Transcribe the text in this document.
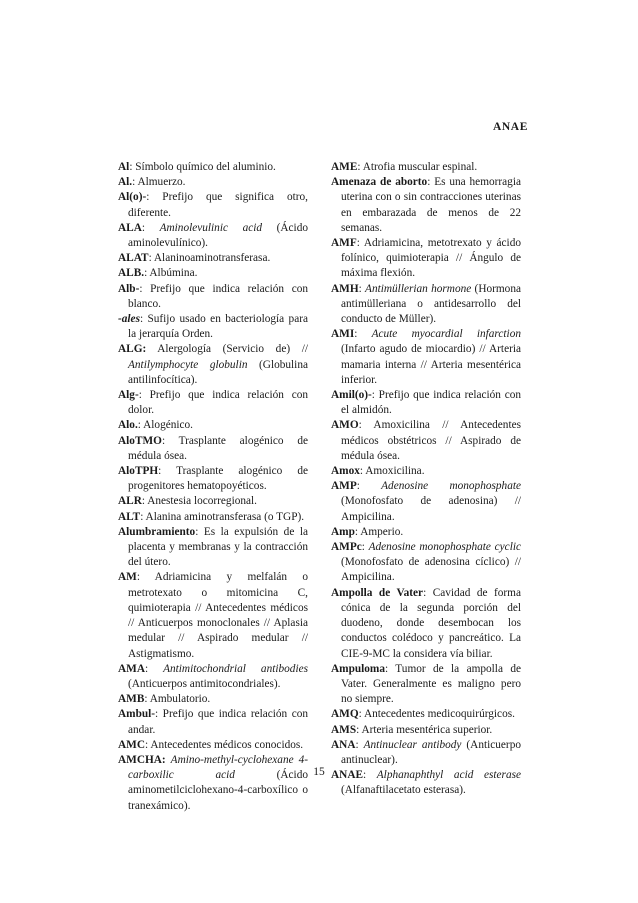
ANAE
Al: Símbolo químico del aluminio.
Al.: Almuerzo.
Al(o)-: Prefijo que significa otro, diferente.
ALA: Aminolevulinic acid (Ácido aminolevulínico).
ALAT: Alaninoaminotransferasa.
ALB.: Albúmina.
Alb-: Prefijo que indica relación con blanco.
-ales: Sufijo usado en bacteriología para la jerarquía Orden.
ALG: Alergología (Servicio de) // Antilymphocyte globulin (Globulina antilinfocítica).
Alg-: Prefijo que indica relación con dolor.
Alo.: Alogénico.
AloTMO: Trasplante alogénico de médula ósea.
AloTPH: Trasplante alogénico de progenitores hematopoyéticos.
ALR: Anestesia locorregional.
ALT: Alanina aminotransferasa (o TGP).
Alumbramiento: Es la expulsión de la placenta y membranas y la contracción del útero.
AM: Adriamicina y melfalán o metrotexato o mitomicina C, quimioterapia // Antecedentes médicos // Anticuerpos monoclonales // Aplasia medular // Aspirado medular // Astigmatismo.
AMA: Antimitochondrial antibodies (Anticuerpos antimitocondriales).
AMB: Ambulatorio.
Ambul-: Prefijo que indica relación con andar.
AMC: Antecedentes médicos conocidos.
AMCHA: Amino-methyl-cyclohexane 4-carboxilic acid (Ácido aminometilciclohexano-4-carboxílico o tranexámico).
AME: Atrofia muscular espinal.
Amenaza de aborto: Es una hemorragia uterina con o sin contracciones uterinas en embarazada de menos de 22 semanas.
AMF: Adriamicina, metotrexato y ácido folínico, quimioterapia // Ángulo de máxima flexión.
AMH: Antimüllerian hormone (Hormona antimülleriana o antidesarrollo del conducto de Müller).
AMI: Acute myocardial infarction (Infarto agudo de miocardio) // Arteria mamaria interna // Arteria mesentérica inferior.
Amil(o)-: Prefijo que indica relación con el almidón.
AMO: Amoxicilina // Antecedentes médicos obstétricos // Aspirado de médula ósea.
Amox: Amoxicilina.
AMP: Adenosine monophosphate (Monofosfato de adenosina) // Ampicilina.
Amp: Amperio.
AMPc: Adenosine monophosphate cyclic (Monofosfato de adenosina cíclico) // Ampicilina.
Ampolla de Vater: Cavidad de forma cónica de la segunda porción del duodeno, donde desembocan los conductos colédoco y pancreático. La CIE-9-MC la considera vía biliar.
Ampuloma: Tumor de la ampolla de Vater. Generalmente es maligno pero no siempre.
AMQ: Antecedentes medicoquirúrgicos.
AMS: Arteria mesentérica superior.
ANA: Antinuclear antibody (Anticuerpo antinuclear).
ANAE: Alphanaphthyl acid esterase (Alfanaftilacetato esterasa).
15
